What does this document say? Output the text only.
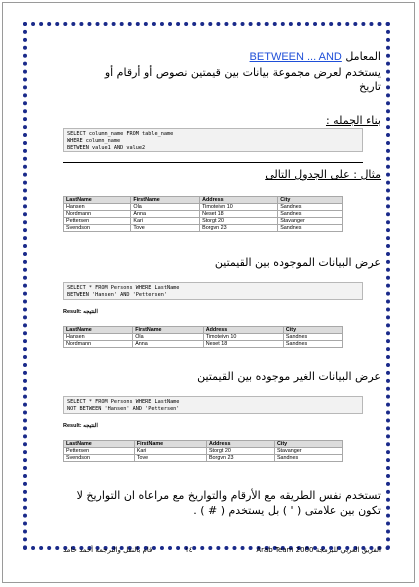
المعامل BETWEEN ... AND
يستخدم لعرض مجموعة بيانات بين قيمتين نصوص أو أرقام أو تاريخ
بناء الجمله :
SELECT column_name FROM table_name
WHERE column_name
BETWEEN value1 AND value2
مثال : على الجدول التالى
LastName	FirstName	Address	City
Hansen	Ola	Timoteivn 10	Sandnes
Nordmann	Anna	Neset 18	Sandnes
Pettersen	Kari	Storgt 20	Stavanger
Svendson	Tove	Borgvn 23	Sandnes
عرض البيانات الموجوده بين القيمتين
SELECT * FROM Persons WHERE LastName
BETWEEN 'Hansen' AND 'Pettersen'
Result: النتيجه
LastName	FirstName	Address	City
Hansen	Ola	Timoteivn 10	Sandnes
Nordmann	Anna	Neset 18	Sandnes
عرض البيانات الغير موجوده بين القيمتين
SELECT * FROM Persons WHERE LastName
NOT BETWEEN 'Hansen' AND 'Pettersen'
Result: النتيجه
LastName	FirstName	Address	City
Pettersen	Kari	Storgt 20	Stavanger
Svendson	Tove	Borgvn 23	Sandnes
تستخدم نفس الطريقه مع الأرقام والتواريخ مع مراعاه ان التواريخ لا تكون بين علامتى ( ' ) بل يستخدم ( # ) .
الفريق العربي للبرمجة Arab Team 2000
١٤
قام بالنقل والترجمه أحمد حامد
